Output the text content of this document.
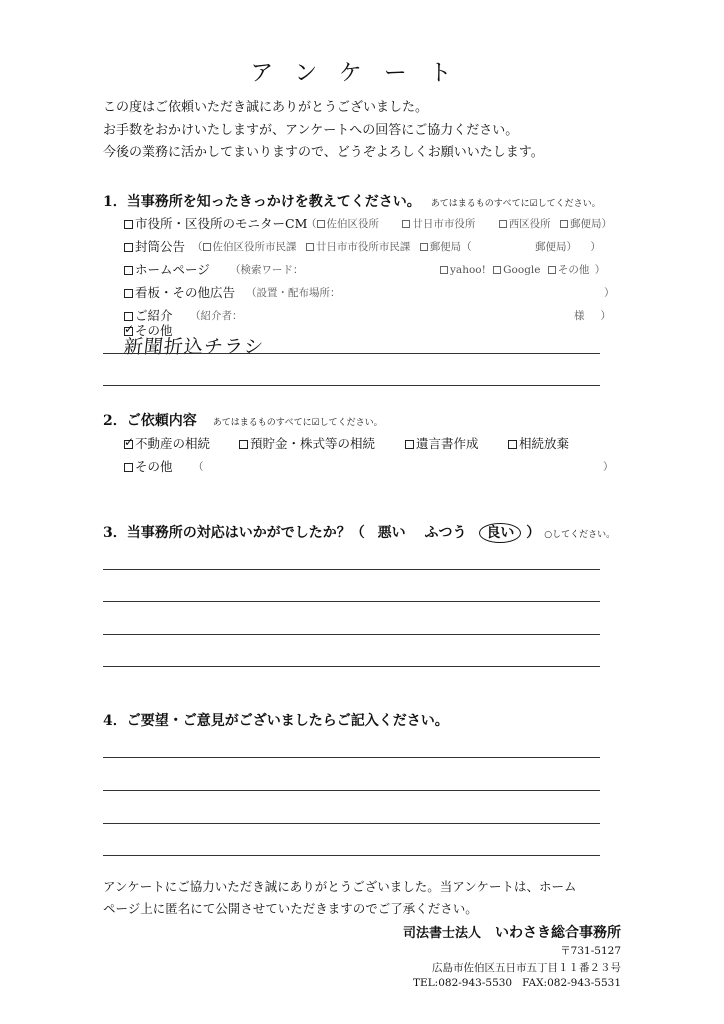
アンケート
この度はご依頼いただき誠にありがとうございました。
お手数をおかけいたしますが、アンケートへの回答にご協力ください。
今後の業務に活かしてまいりますので、どうぞよろしくお願いいたします。
1．当事務所を知ったきっかけを教えてください。 あてはまるものすべてに☑してください。
市役所・区役所のモニターCM
（ 佐伯区役所	廿日市市役所	西区役所 郵便局）
封筒公告 （ 佐伯区役所市民課 廿日市市役所市民課 郵便局（	郵便局） ）
ホームページ （検索ワード：	yahoo! Google その他 ）
看板・その他広告 （設置・配布場所：	）
ご紹介 （紹介者：	様 ）
✓その他
新聞折込チラシ
2．ご依頼内容 あてはまるものすべてに☑してください。
✓不動産の相続	預貯金・株式等の相続	遺言書作成	相続放棄
その他 （	）
3．当事務所の対応はいかがでしたか？（ 悪い ふつう 良い ） ○してください。
4．ご要望・ご意見がございましたらご記入ください。
アンケートにご協力いただき誠にありがとうございました。当アンケートは、ホーム
ページ上に匿名にて公開させていただきますのでご了承ください。
司法書士法人 いわさき総合事務所
〒731-5127
広島市佐伯区五日市五丁目１１番２３号
TEL:082-943-5530 FAX:082-943-5531
